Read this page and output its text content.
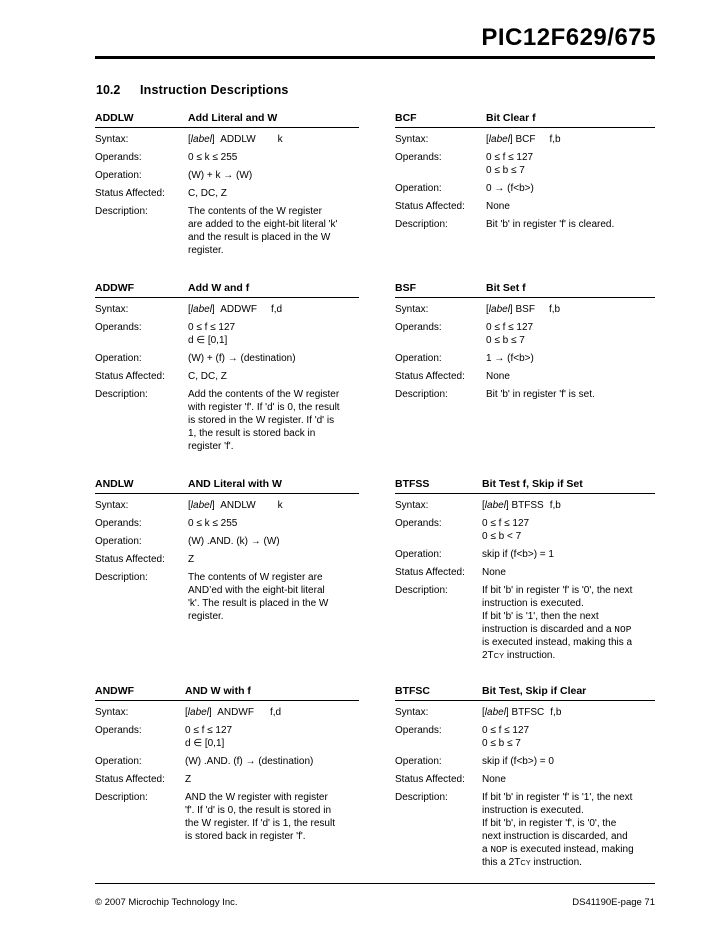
PIC12F629/675
10.2 Instruction Descriptions
ADDLW	Add Literal and W
Syntax:	[label]  ADDLW k
Operands:	0 ≤ k ≤ 255
Operation:	(W) + k → (W)
Status Affected: C, DC, Z
Description:	The contents of the W register
are added to the eight-bit literal 'k'
and the result is placed in the W
register.
BCF	Bit Clear f
Syntax:	[label] BCF f,b
Operands:	0 ≤ f ≤ 127
0 ≤ b ≤ 7
Operation:	0 → (f<b>)
Status Affected: None
Description:	Bit 'b' in register 'f' is cleared.
ADDWF	Add W and f
Syntax:	[label]  ADDWF f,d
Operands:	0 ≤ f ≤ 127
d ∈ [0,1]
Operation:	(W) + (f) → (destination)
Status Affected: C, DC, Z
Description:	Add the contents of the W register
with register 'f'. If 'd' is 0, the result
is stored in the W register. If 'd' is
1, the result is stored back in
register 'f'.
BSF	Bit Set f
Syntax:	[label] BSF f,b
Operands:	0 ≤ f ≤ 127
0 ≤ b ≤ 7
Operation:	1 → (f<b>)
Status Affected: None
Description:	Bit 'b' in register 'f' is set.
ANDLW	AND Literal with W
Syntax:	[label]  ANDLW k
Operands:	0 ≤ k ≤ 255
Operation:	(W) .AND. (k) → (W)
Status Affected: Z
Description:	The contents of W register are
AND’ed with the eight-bit literal
'k'. The result is placed in the W
register.
BTFSS	Bit Test f, Skip if Set
Syntax:	[label] BTFSS f,b
Operands:	0 ≤ f ≤ 127
0 ≤ b < 7
Operation:	skip if (f<b>) = 1
Status Affected: None
Description:	If bit 'b' in register 'f' is '0', the next
instruction is executed.
If bit 'b' is '1', then the next
instruction is discarded and a NOP
is executed instead, making this a
2TCY instruction.
ANDWF	AND W with f
Syntax:	[label]  ANDWF f,d
Operands:	0 ≤ f ≤ 127
d ∈ [0,1]
Operation:	(W) .AND. (f) → (destination)
Status Affected: Z
Description:	AND the W register with register
'f'. If 'd' is 0, the result is stored in
the W register. If 'd' is 1, the result
is stored back in register 'f'.
BTFSC	Bit Test, Skip if Clear
Syntax:	[label] BTFSC f,b
Operands:	0 ≤ f ≤ 127
0 ≤ b ≤ 7
Operation:	skip if (f<b>) = 0
Status Affected: None
Description:	If bit 'b' in register 'f' is '1', the next
instruction is executed.
If bit 'b', in register 'f', is '0', the
next instruction is discarded, and
a NOP is executed instead, making
this a 2TCY instruction.
© 2007 Microchip Technology Inc.	DS41190E-page 71
